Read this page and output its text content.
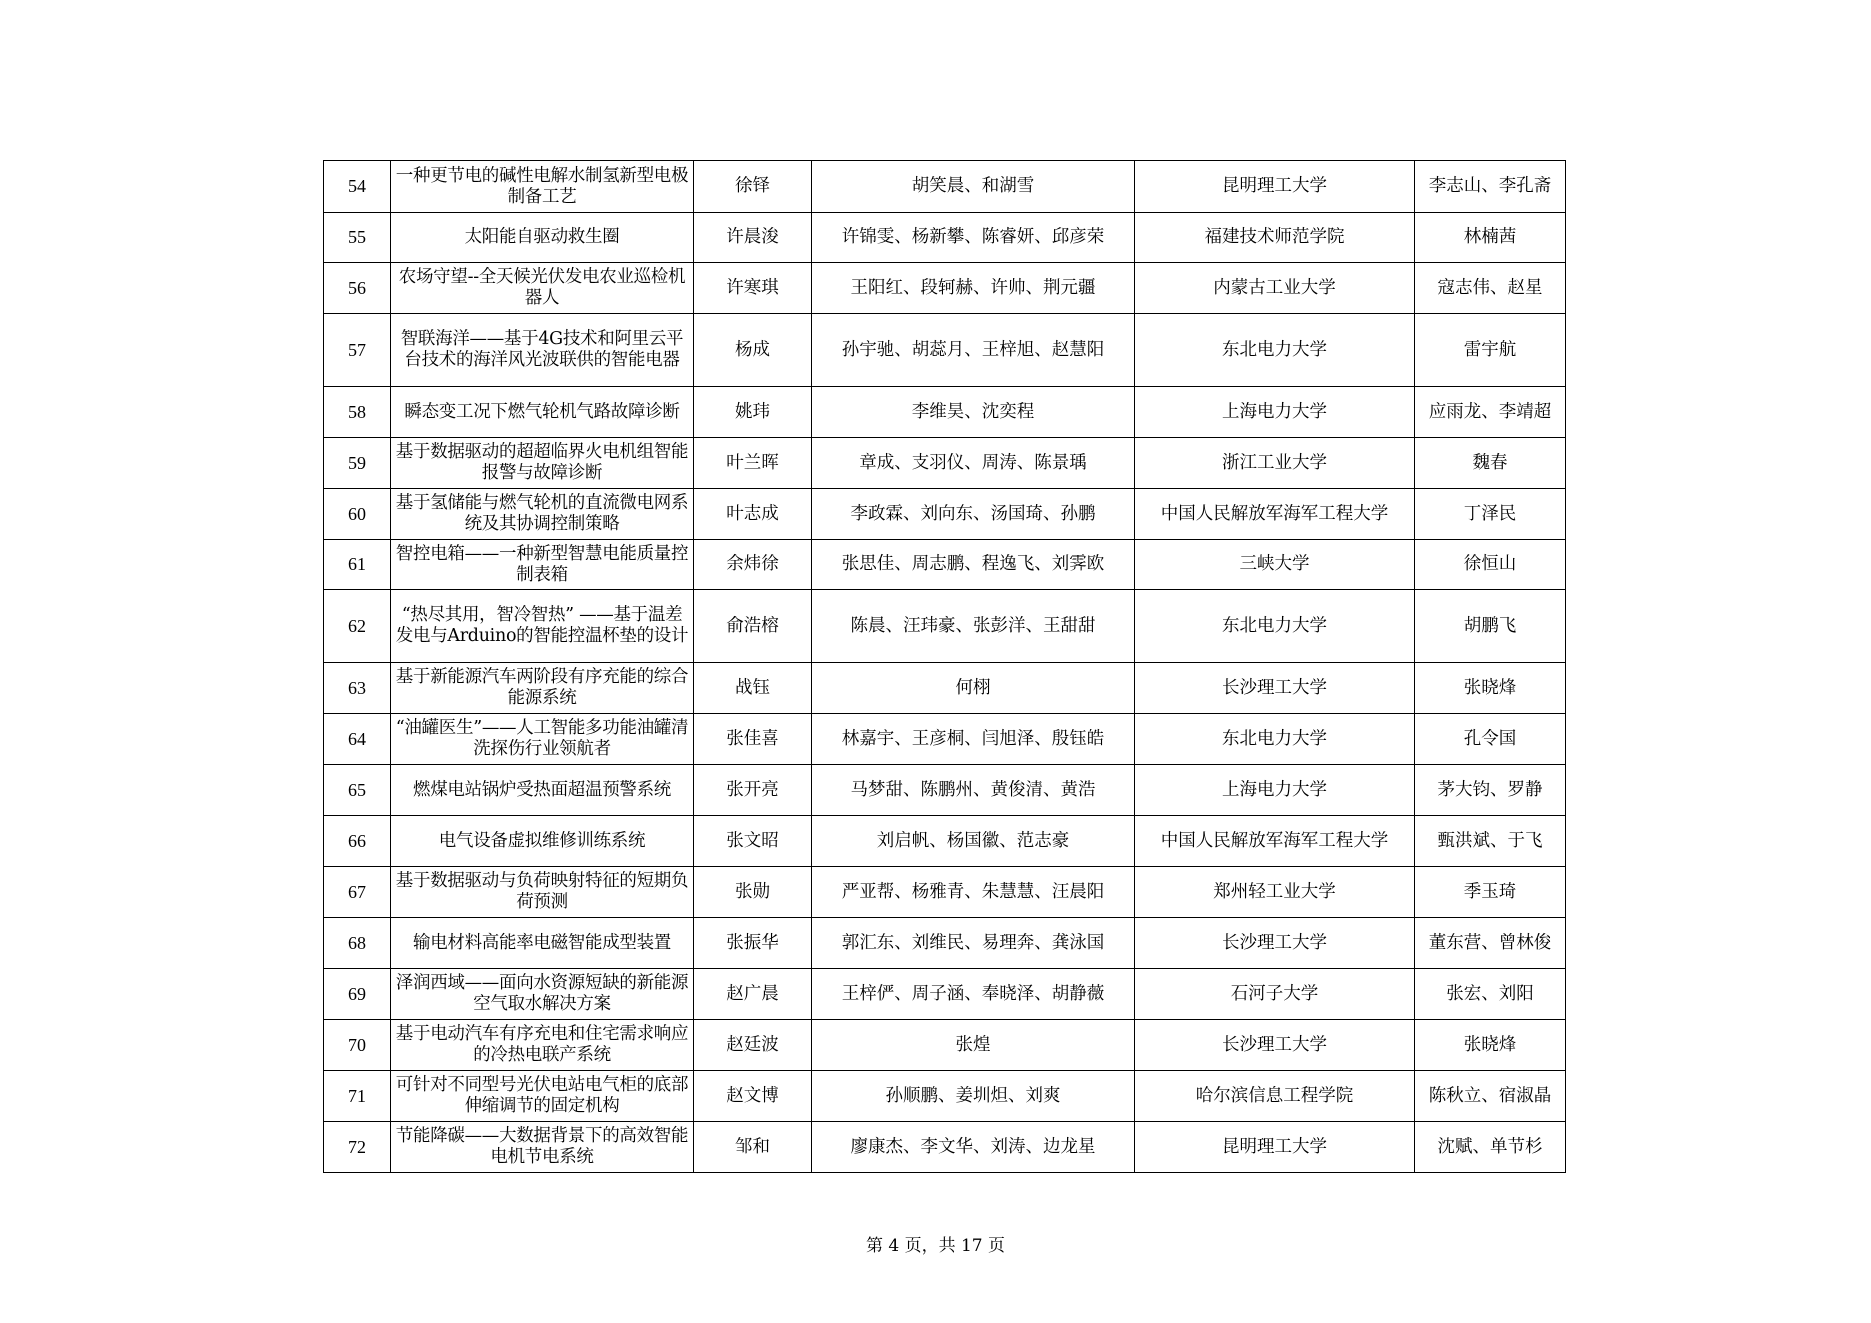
54	一种更节电的碱性电解水制氢新型电极制备工艺	徐铎	胡笑晨、和湖雪	昆明理工大学	李志山、李孔斋
55	太阳能自驱动救生圈	许晨浚	许锦雯、杨新攀、陈睿妍、邱彦荣	福建技术师范学院	林楠茜
56	农场守望--全天候光伏发电农业巡检机器人	许寒琪	王阳红、段轲赫、许帅、荆元疆	内蒙古工业大学	寇志伟、赵星
57	智联海洋——基于4G技术和阿里云平台技术的海洋风光波联供的智能电器	杨成	孙宇驰、胡蕊月、王梓旭、赵慧阳	东北电力大学	雷宇航
58	瞬态变工况下燃气轮机气路故障诊断	姚玮	李维昊、沈奕程	上海电力大学	应雨龙、李靖超
59	基于数据驱动的超超临界火电机组智能报警与故障诊断	叶兰晖	章成、支羽仪、周涛、陈景瑀	浙江工业大学	魏春
60	基于氢储能与燃气轮机的直流微电网系统及其协调控制策略	叶志成	李政霖、刘向东、汤国琦、孙鹏	中国人民解放军海军工程大学	丁泽民
61	智控电箱——一种新型智慧电能质量控制表箱	余炜徐	张思佳、周志鹏、程逸飞、刘霁欧	三峡大学	徐恒山
62	“热尽其用，智冷智热” ——基于温差发电与Arduino的智能控温杯垫的设计	俞浩榕	陈晨、汪玮豪、张彭洋、王甜甜	东北电力大学	胡鹏飞
63	基于新能源汽车两阶段有序充能的综合能源系统	战钰	何栩	长沙理工大学	张晓烽
64	“油罐医生”——人工智能多功能油罐清洗探伤行业领航者	张佳喜	林嘉宇、王彦桐、闫旭泽、殷钰皓	东北电力大学	孔令国
65	燃煤电站锅炉受热面超温预警系统	张开亮	马梦甜、陈鹏州、黄俊清、黄浩	上海电力大学	茅大钧、罗静
66	电气设备虚拟维修训练系统	张文昭	刘启帆、杨国徽、范志豪	中国人民解放军海军工程大学	甄洪斌、于飞
67	基于数据驱动与负荷映射特征的短期负荷预测	张勋	严亚帮、杨雅青、朱慧慧、汪晨阳	郑州轻工业大学	季玉琦
68	输电材料高能率电磁智能成型装置	张振华	郭汇东、刘维民、易理奔、龚泳国	长沙理工大学	董东营、曾林俊
69	泽润西域——面向水资源短缺的新能源空气取水解决方案	赵广晨	王梓俨、周子涵、奉晓泽、胡静薇	石河子大学	张宏、刘阳
70	基于电动汽车有序充电和住宅需求响应的冷热电联产系统	赵廷波	张煌	长沙理工大学	张晓烽
71	可针对不同型号光伏电站电气柜的底部伸缩调节的固定机构	赵文博	孙顺鹏、姜圳炟、刘爽	哈尔滨信息工程学院	陈秋立、宿淑晶
72	节能降碳——大数据背景下的高效智能电机节电系统	邹和	廖康杰、李文华、刘涛、边龙星	昆明理工大学	沈赋、单节杉
第 4 页，共 17 页
